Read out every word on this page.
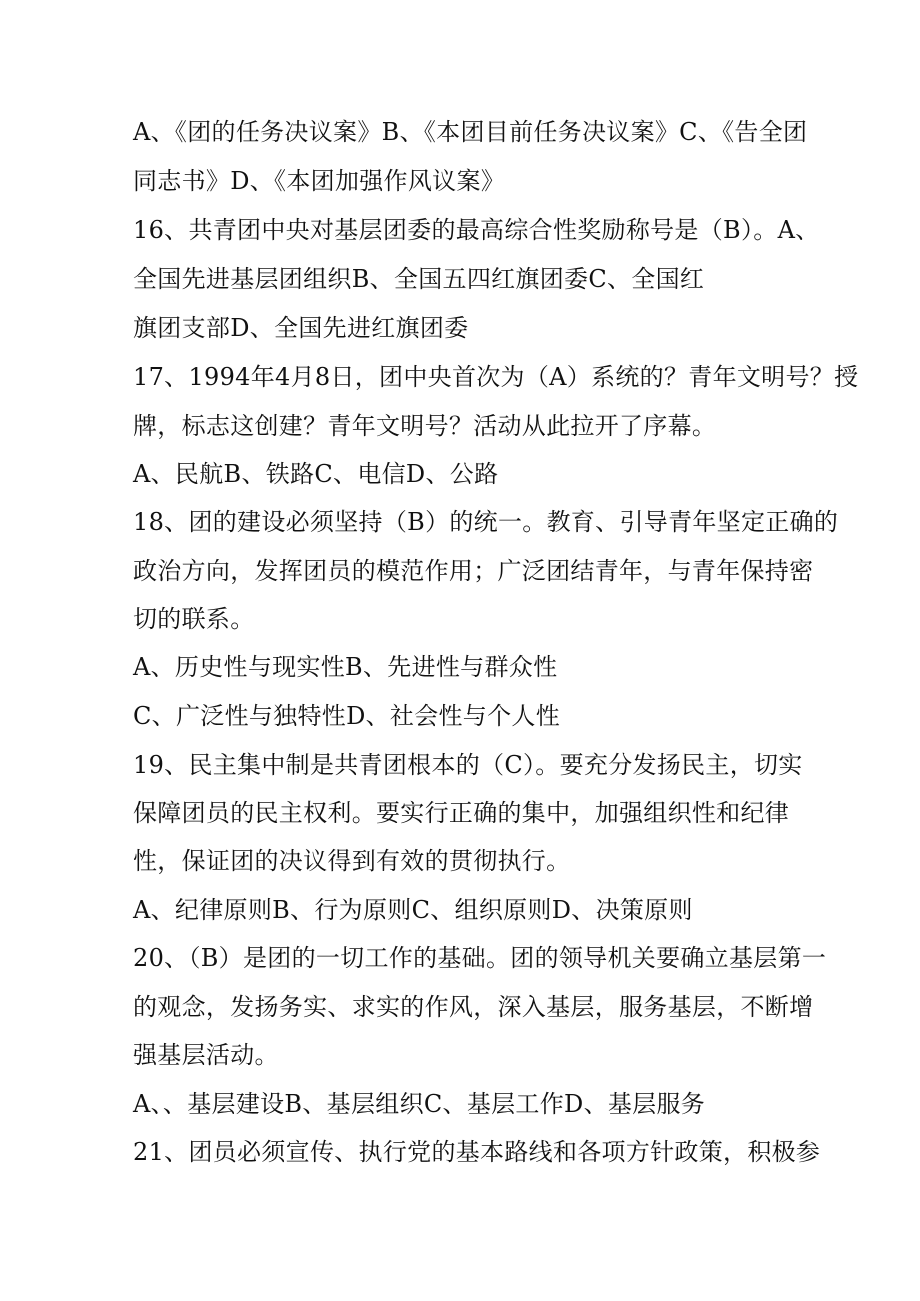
A、《团的任务决议案》B、《本团目前任务决议案》C、《告全团
同志书》D、《本团加强作风议案》
16、共青团中央对基层团委的最高综合性奖励称号是（B）。A、
全国先进基层团组织B、全国五四红旗团委C、全国红
旗团支部D、全国先进红旗团委
17、1994年4月8日，团中央首次为（A）系统的？青年文明号？授
牌，标志这创建？青年文明号？活动从此拉开了序幕。
A、民航B、铁路C、电信D、公路
18、团的建设必须坚持（B）的统一。教育、引导青年坚定正确的
政治方向，发挥团员的模范作用；广泛团结青年，与青年保持密
切的联系。
A、历史性与现实性B、先进性与群众性
C、广泛性与独特性D、社会性与个人性
19、民主集中制是共青团根本的（C）。要充分发扬民主，切实
保障团员的民主权利。要实行正确的集中，加强组织性和纪律
性，保证团的决议得到有效的贯彻执行。
A、纪律原则B、行为原则C、组织原则D、决策原则
20、（B）是团的一切工作的基础。团的领导机关要确立基层第一
的观念，发扬务实、求实的作风，深入基层，服务基层，不断增
强基层活动。
A、、基层建设B、基层组织C、基层工作D、基层服务
21、团员必须宣传、执行党的基本路线和各项方针政策，积极参
